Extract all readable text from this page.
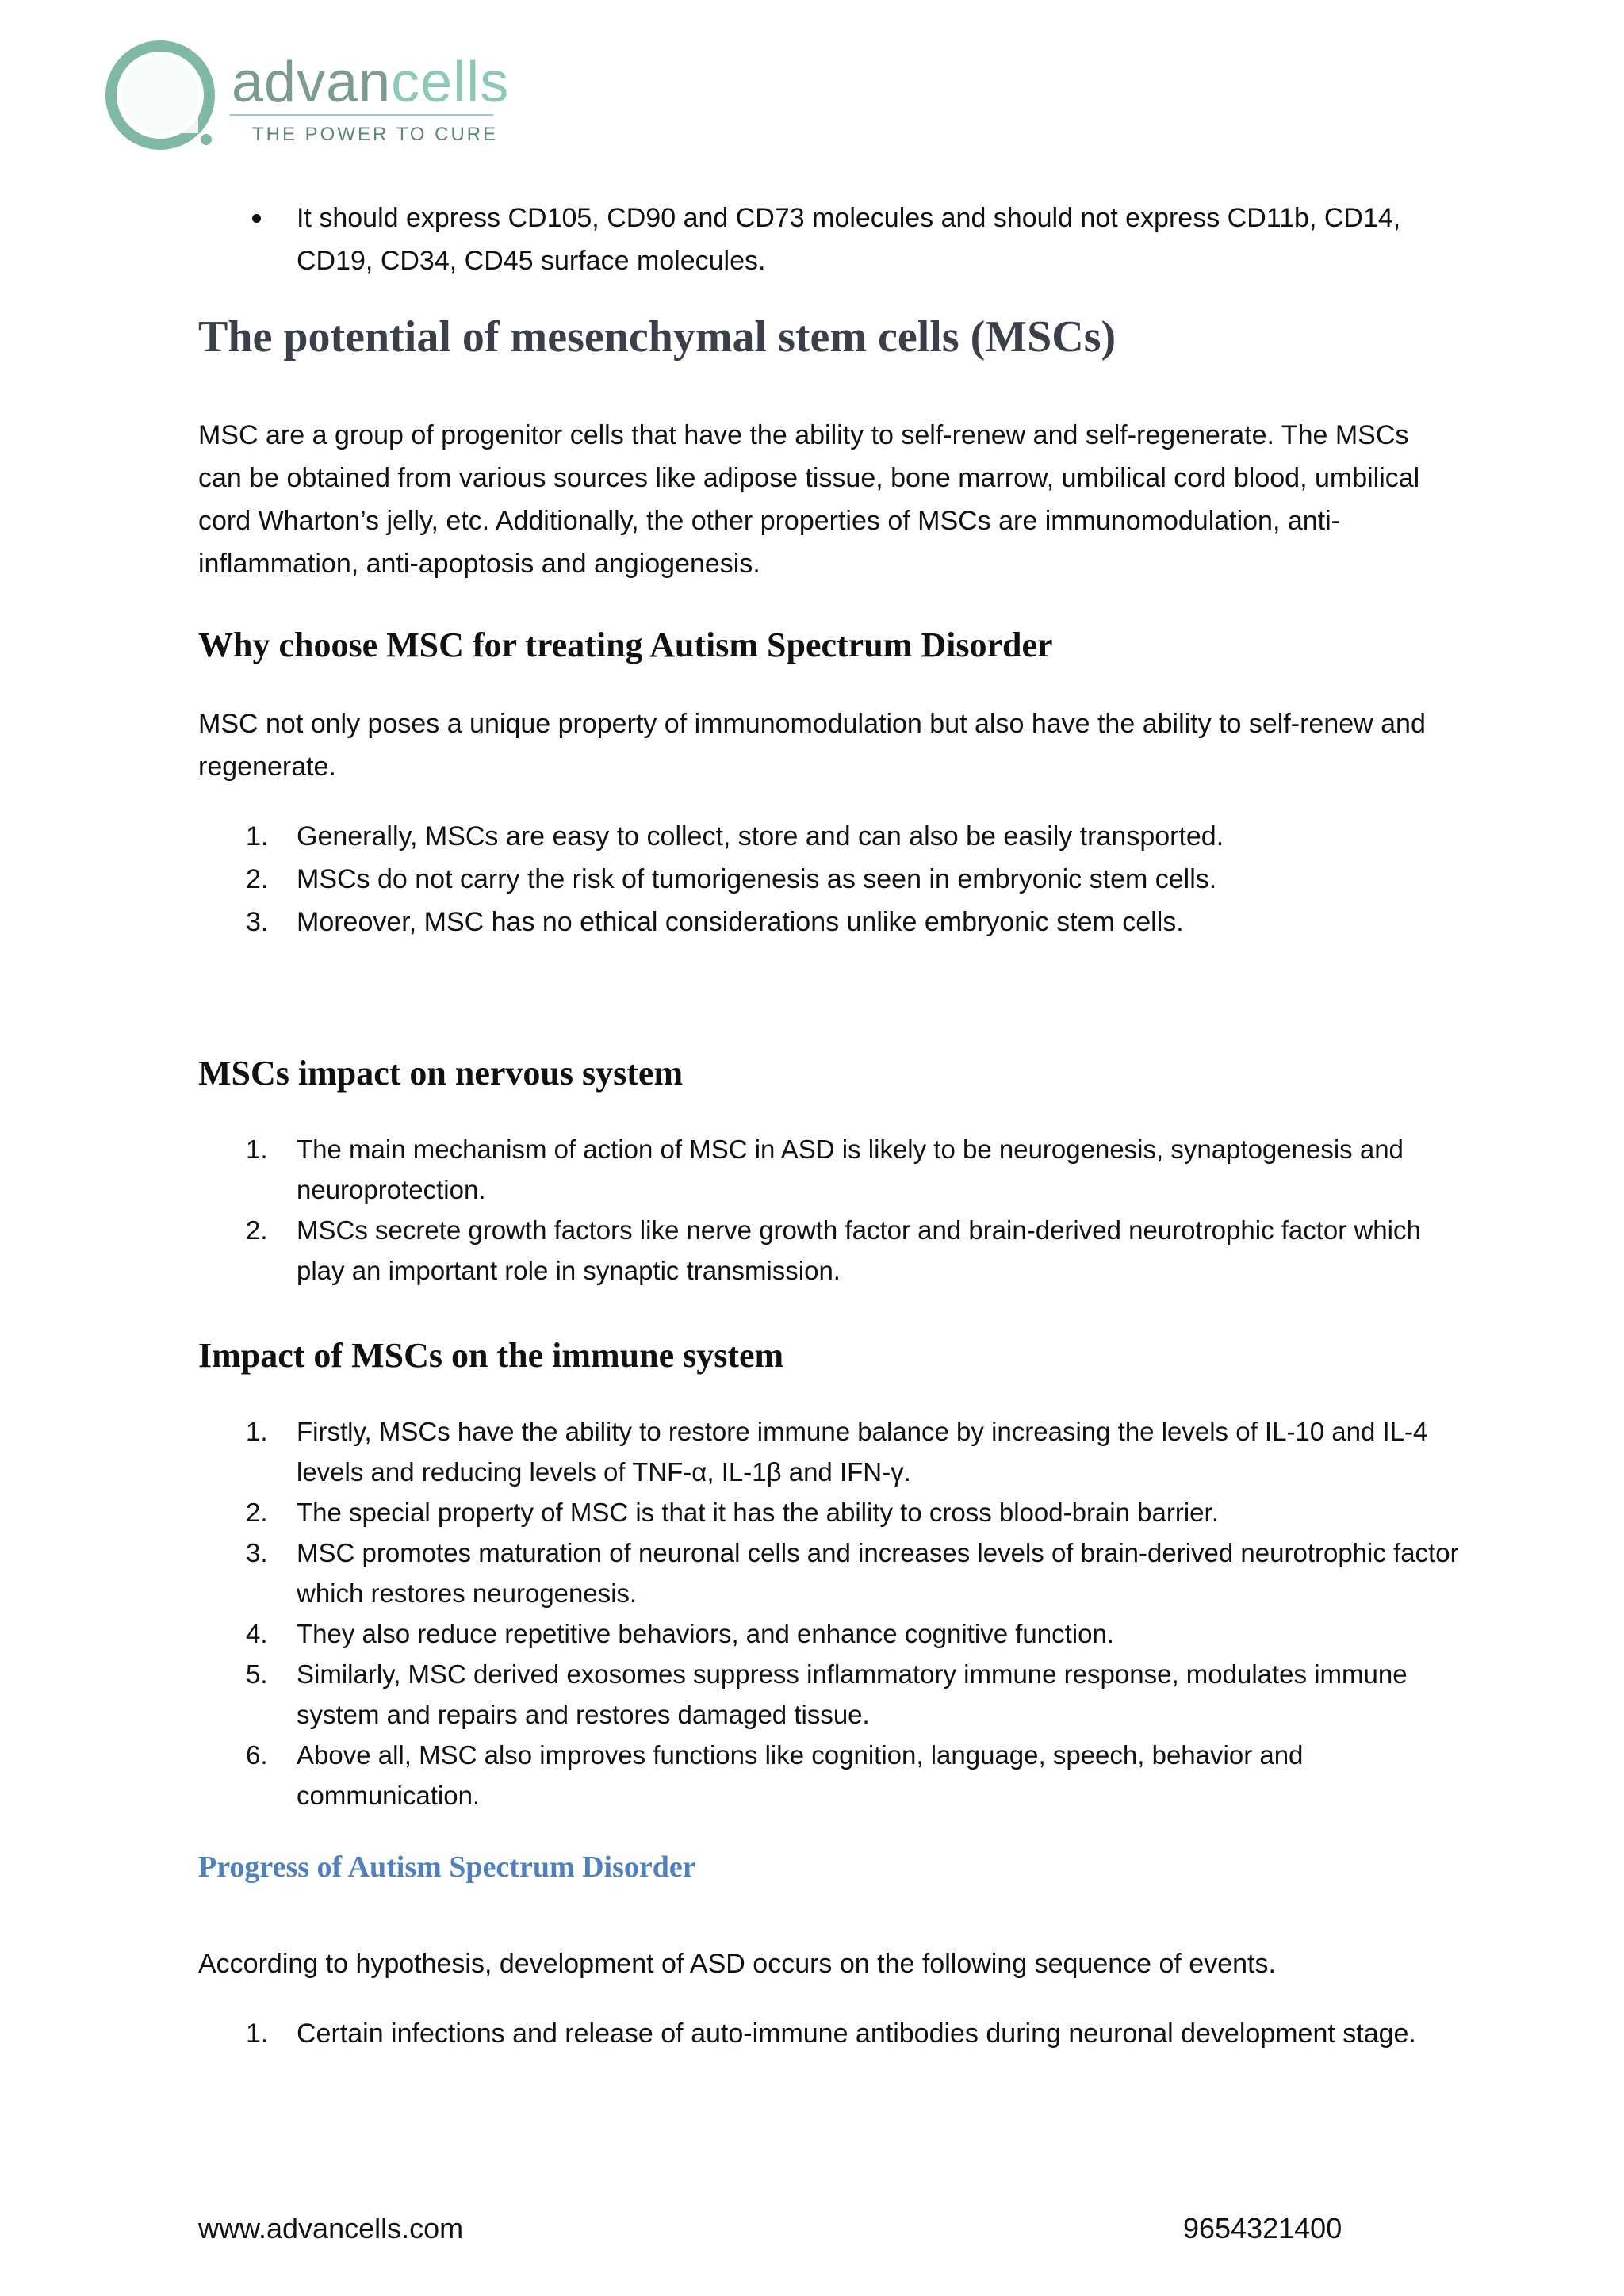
advancells
THE POWER TO CURE
It should express CD105, CD90 and CD73 molecules and should not express CD11b, CD14, CD19, CD34, CD45 surface molecules.
The potential of mesenchymal stem cells (MSCs)
MSC are a group of progenitor cells that have the ability to self-renew and self-regenerate. The MSCs can be obtained from various sources like adipose tissue, bone marrow, umbilical cord blood, umbilical cord Wharton’s jelly, etc. Additionally, the other properties of MSCs are immunomodulation, anti-inflammation, anti-apoptosis and angiogenesis.
Why choose MSC for treating Autism Spectrum Disorder
MSC not only poses a unique property of immunomodulation but also have the ability to self-renew and regenerate.
1.	Generally, MSCs are easy to collect, store and can also be easily transported.
2.	MSCs do not carry the risk of tumorigenesis as seen in embryonic stem cells.
3.	Moreover, MSC has no ethical considerations unlike embryonic stem cells.
MSCs impact on nervous system
1.	The main mechanism of action of MSC in ASD is likely to be neurogenesis, synaptogenesis and neuroprotection.
2.	MSCs secrete growth factors like nerve growth factor and brain-derived neurotrophic factor which play an important role in synaptic transmission.
Impact of MSCs on the immune system
1.	Firstly, MSCs have the ability to restore immune balance by increasing the levels of IL-10 and IL-4 levels and reducing levels of TNF-α, IL-1β and IFN-γ.
2.	The special property of MSC is that it has the ability to cross blood-brain barrier.
3.	MSC promotes maturation of neuronal cells and increases levels of brain-derived neurotrophic factor which restores neurogenesis.
4.	They also reduce repetitive behaviors, and enhance cognitive function.
5.	Similarly, MSC derived exosomes suppress inflammatory immune response, modulates immune system and repairs and restores damaged tissue.
6.	Above all, MSC also improves functions like cognition, language, speech, behavior and communication.
Progress of Autism Spectrum Disorder
According to hypothesis, development of ASD occurs on the following sequence of events.
1.	Certain infections and release of auto-immune antibodies during neuronal development stage.
www.advancells.com	9654321400
